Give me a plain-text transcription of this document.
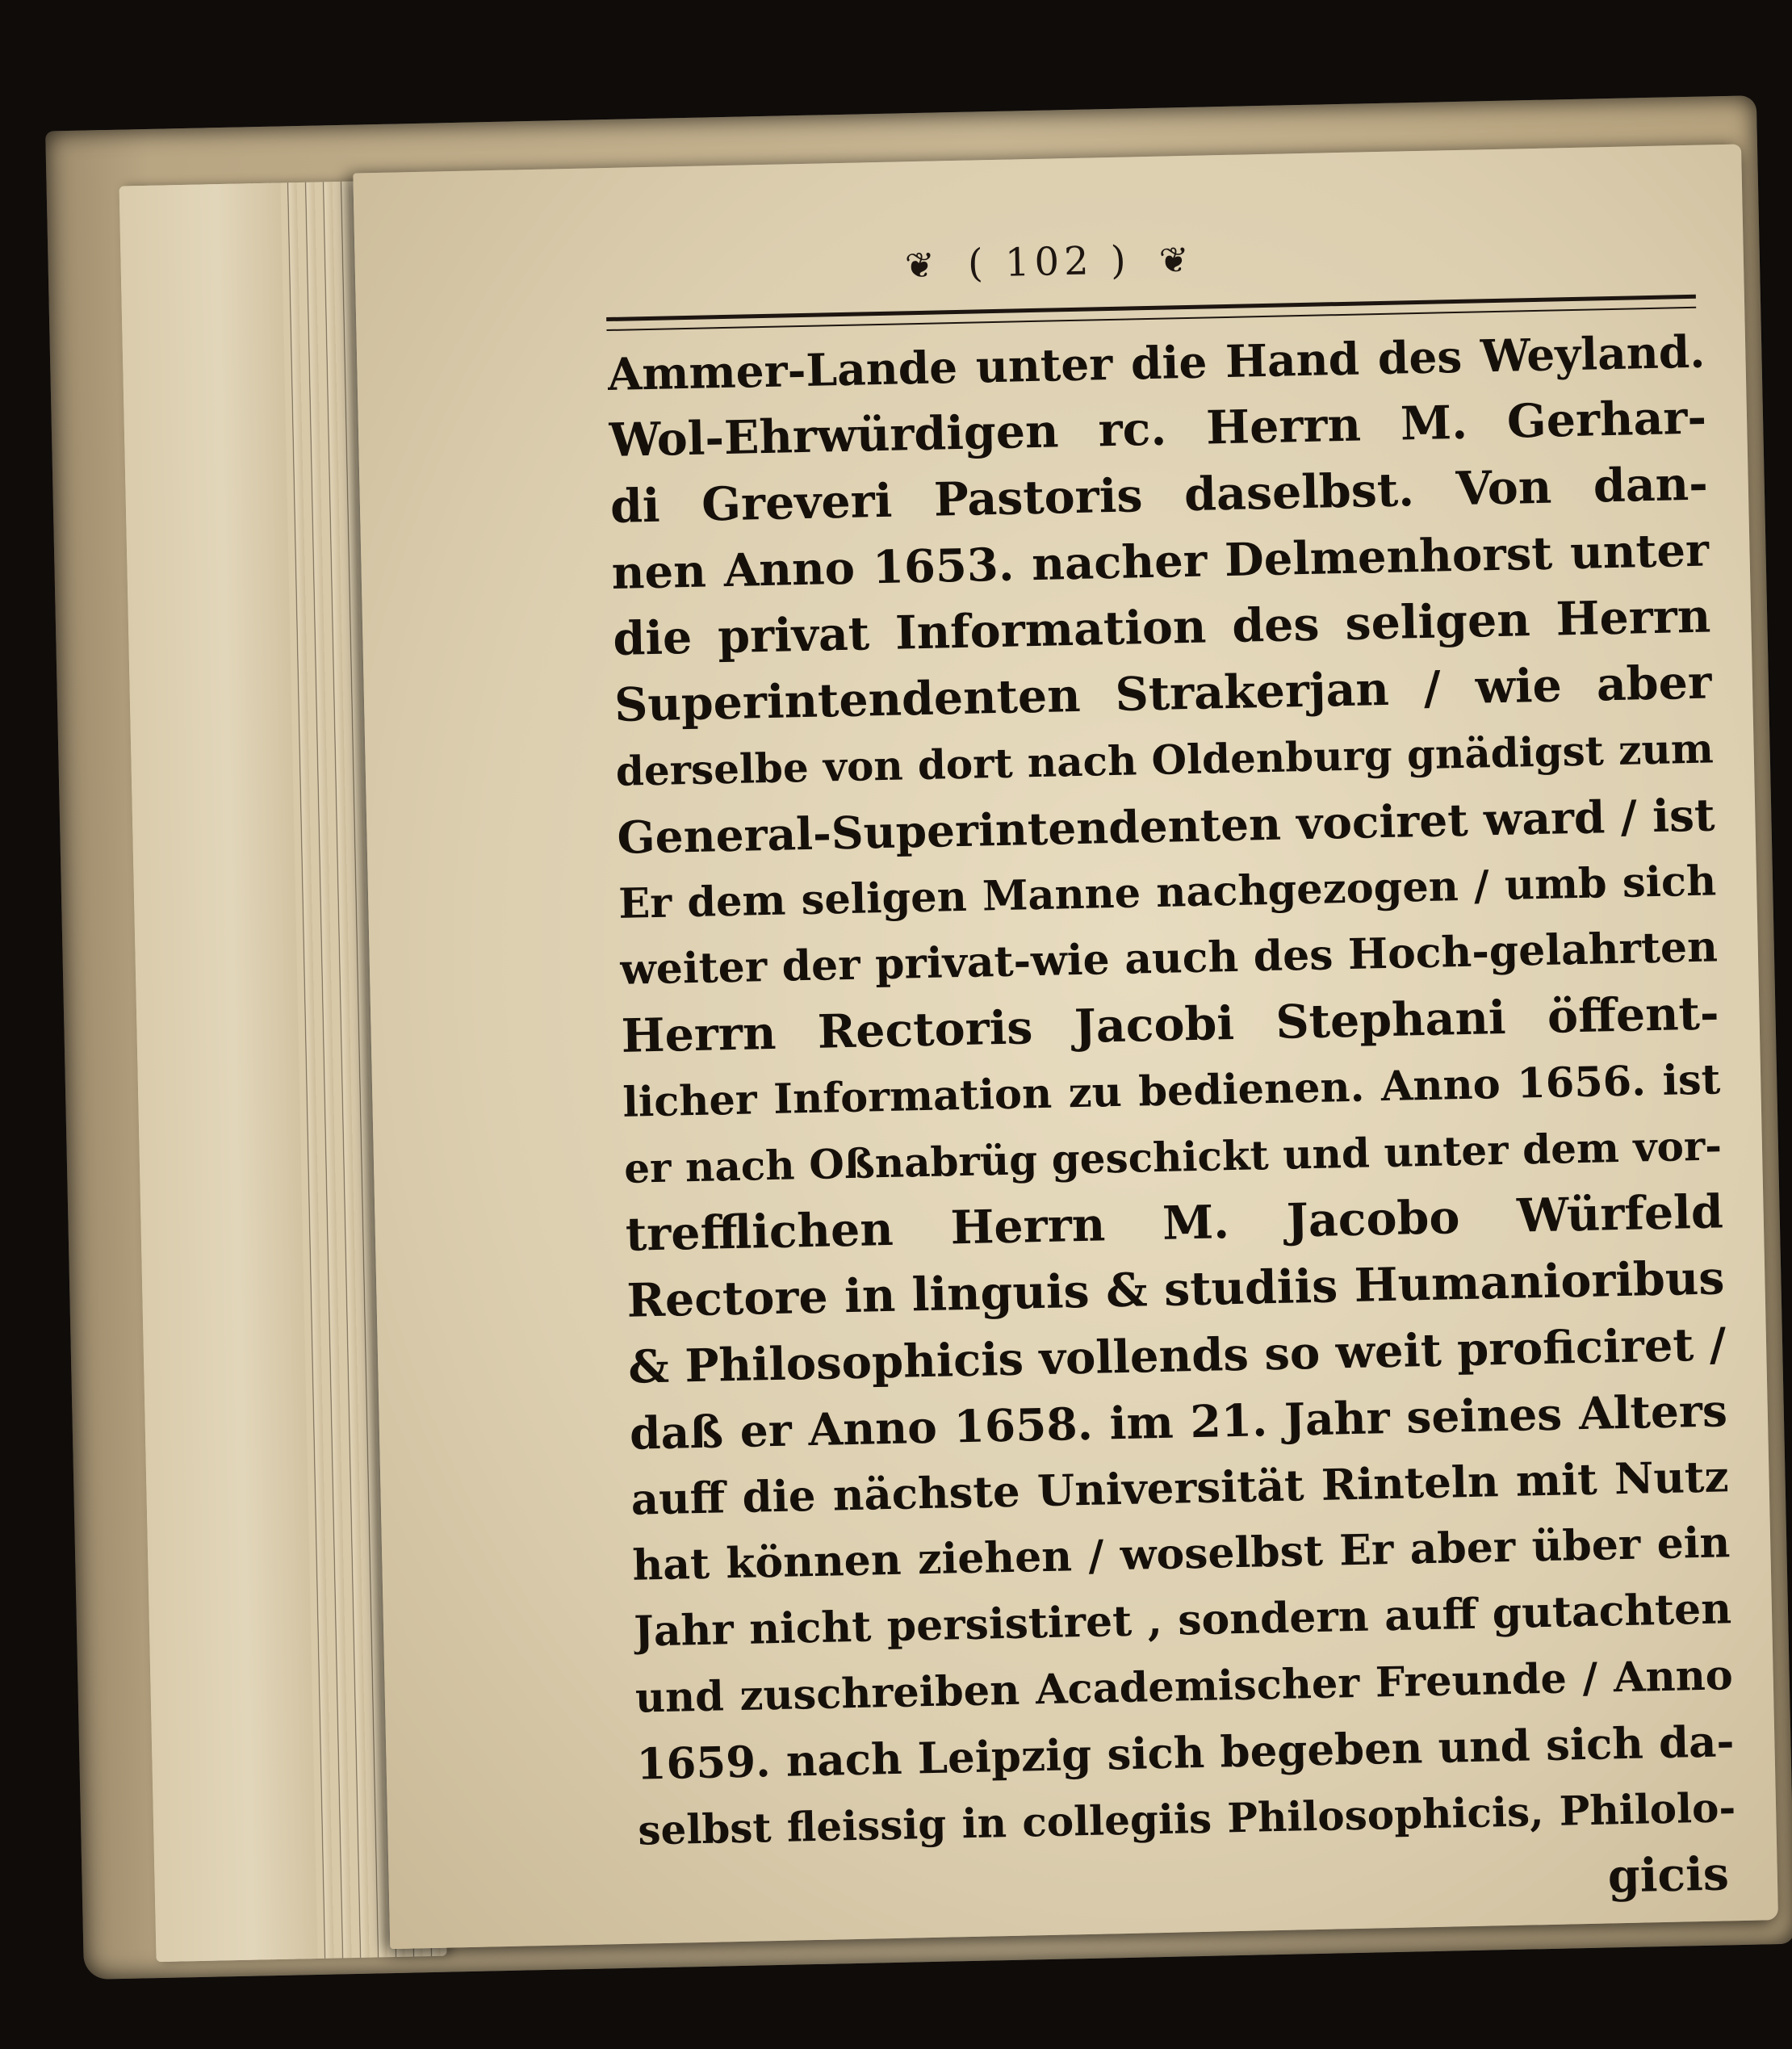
❦ ( 102 ) ❦
Ammer-Lande unter die Hand des Weyland.
Wol-Ehrwürdigen rc. Herrn M. Gerhar-
di Greveri Pastoris daselbst. Von dan-
nen Anno 1653. nacher Delmenhorst unter
die privat Information des seligen Herrn
Superintendenten Strakerjan / wie aber
derselbe von dort nach Oldenburg gnädigst zum
General-Superintendenten vociret ward / ist
Er dem seligen Manne nachgezogen / umb sich
weiter der privat-wie auch des Hoch-gelahrten
Herrn Rectoris Jacobi Stephani öffent-
licher Information zu bedienen. Anno 1656. ist
er nach Oßnabrüg geschickt und unter dem vor-
trefflichen Herrn M. Jacobo Würfeld
Rectore in linguis & studiis Humanioribus
& Philosophicis vollends so weit proficiret /
daß er Anno 1658. im 21. Jahr seines Alters
auff die nächste Universität Rinteln mit Nutz
hat können ziehen / woselbst Er aber über ein
Jahr nicht persistiret , sondern auff gutachten
und zuschreiben Academischer Freunde / Anno
1659. nach Leipzig sich begeben und sich da-
selbst fleissig in collegiis Philosophicis, Philolo-
gicis
